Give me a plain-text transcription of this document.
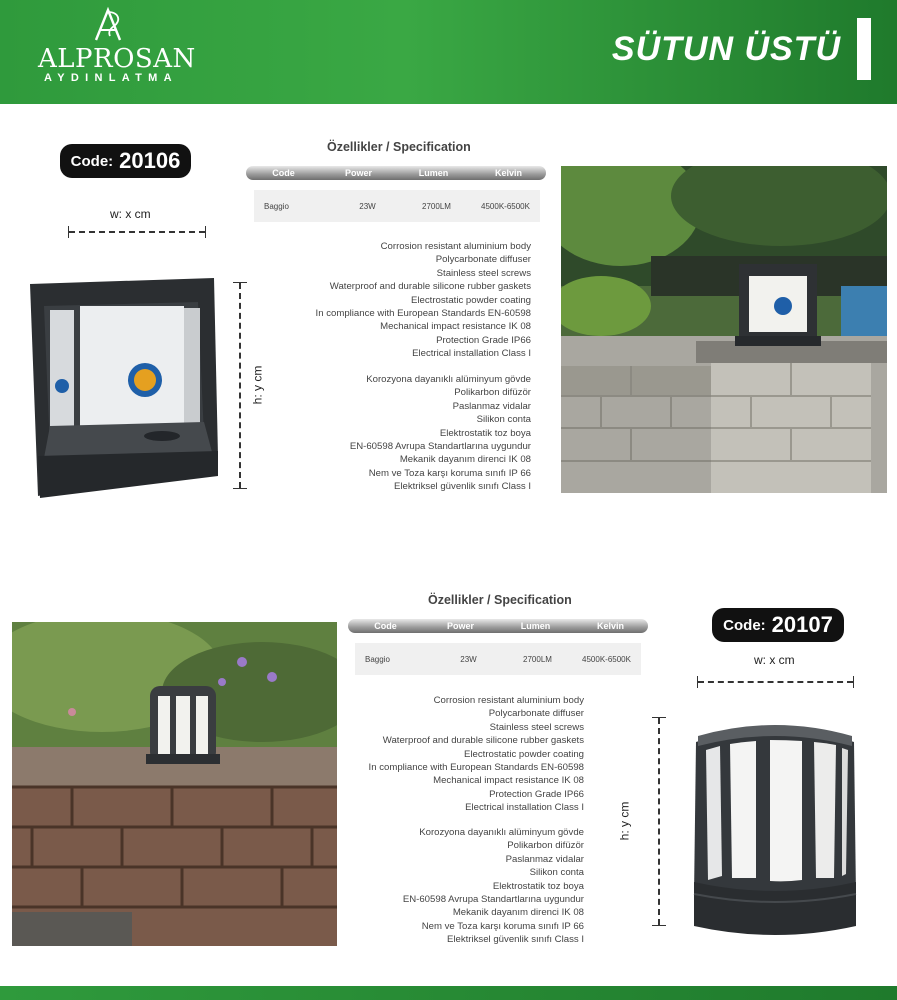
ALPROSAN
AYDINLATMA
SÜTUN ÜSTÜ
Code: 20106
w: x cm
h: y cm
Özellikler / Specification
Code	Power	Lumen	Kelvin
Baggio	23W	2700LM	4500K-6500K
Corrosion resistant aluminium body
Polycarbonate diffuser
Stainless steel screws
Waterproof and durable silicone rubber gaskets
Electrostatic powder coating
In compliance with European Standards EN-60598
Mechanical impact resistance IK 08
Protection Grade IP66
Electrical installation Class I
Korozyona dayanıklı alüminyum gövde
Polikarbon difüzör
Paslanmaz vidalar
Silikon conta
Elektrostatik toz boya
EN-60598 Avrupa Standartlarına uygundur
Mekanik dayanım direnci IK 08
Nem ve Toza karşı koruma sınıfı IP 66
Elektriksel güvenlik sınıfı Class I
Özellikler / Specification
Code	Power	Lumen	Kelvin
Baggio	23W	2700LM	4500K-6500K
Corrosion resistant aluminium body
Polycarbonate diffuser
Stainless steel screws
Waterproof and durable silicone rubber gaskets
Electrostatic powder coating
In compliance with European Standards EN-60598
Mechanical impact resistance IK 08
Protection Grade IP66
Electrical installation Class I
Korozyona dayanıklı alüminyum gövde
Polikarbon difüzör
Paslanmaz vidalar
Silikon conta
Elektrostatik toz boya
EN-60598 Avrupa Standartlarına uygundur
Mekanik dayanım direnci IK 08
Nem ve Toza karşı koruma sınıfı IP 66
Elektriksel güvenlik sınıfı Class I
Code: 20107
w: x cm
h: y cm
